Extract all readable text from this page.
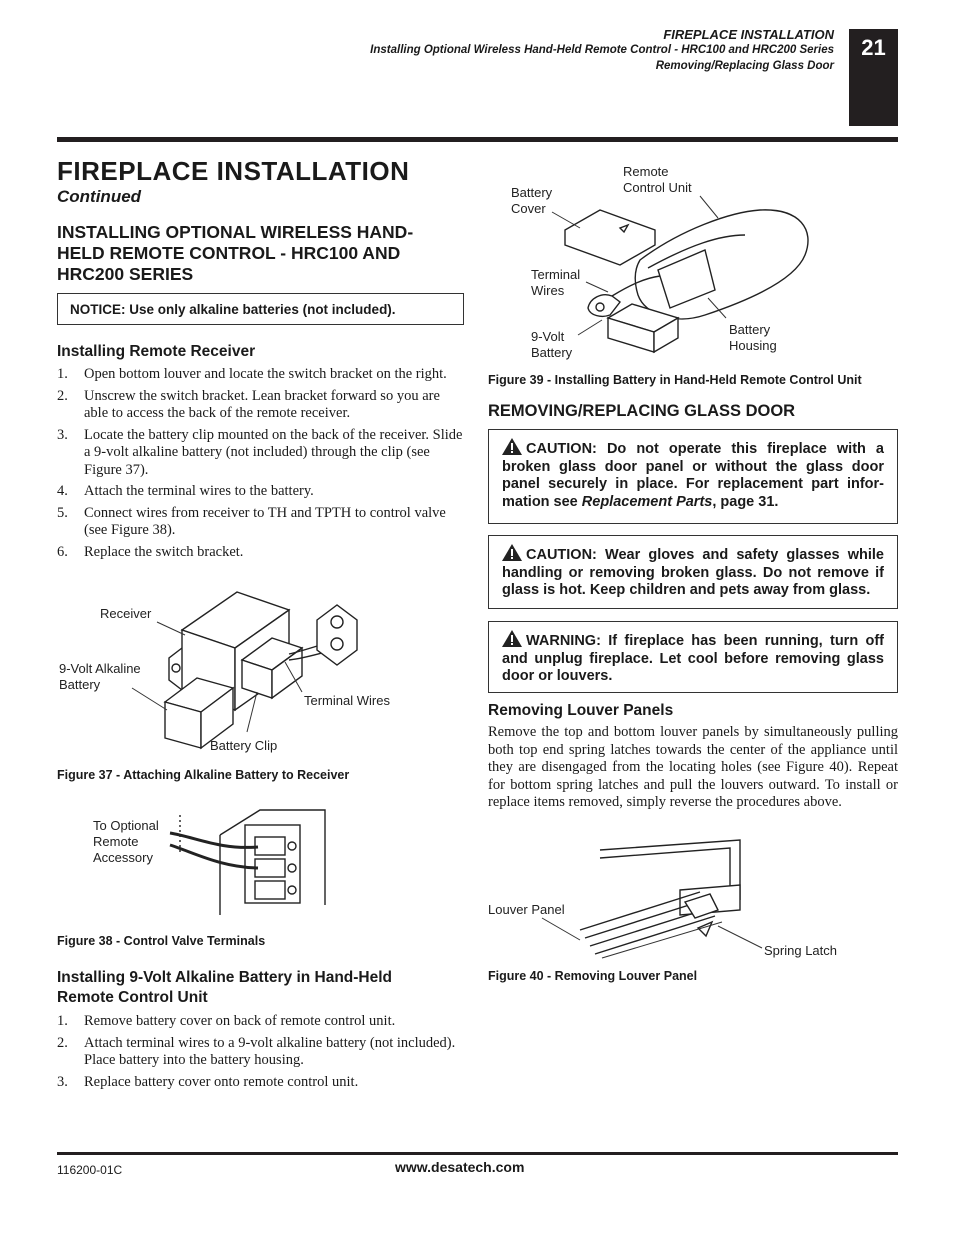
FIREPLACE INSTALLATION
Installing Optional Wireless Hand-Held Remote Control - HRC100 and HRC200 Series
Removing/Replacing Glass Door
21
FIREPLACE INSTALLATION
Continued
INSTALLING OPTIONAL WIRELESS HAND-
HELD REMOTE CONTROL - HRC100 AND
HRC200 SERIES
NOTICE: Use only alkaline batteries (not included).
Installing Remote Receiver
1.	Open bottom louver and locate the switch bracket on the right.
2.	Unscrew the switch bracket. Lean bracket forward so you are able to access the back of the remote receiver.
3.	Locate the battery clip mounted on the back of the receiver. Slide a 9-volt alkaline battery (not included) through the clip (see Figure 37).
4.	Attach the terminal wires to the battery.
5.	Connect wires from receiver to TH and TPTH to control valve (see Figure 38).
6.	Replace the switch bracket.
Receiver
9-Volt Alkaline
Battery
Terminal Wires
Battery Clip
Figure 37 - Attaching Alkaline Battery to Receiver
To Optional
Remote
Accessory
Figure 38 - Control Valve Terminals
Installing 9-Volt Alkaline Battery in Hand-Held
Remote Control Unit
1.	Remove battery cover on back of remote control unit.
2.	Attach terminal wires to a 9-volt alkaline battery (not included). Place battery into the battery housing.
3.	Replace battery cover onto remote control unit.
Battery
Cover
Remote
Control Unit
Terminal
Wires
9-Volt
Battery
Battery
Housing
Figure 39 - Installing Battery in Hand-Held Remote Control Unit
REMOVING/REPLACING GLASS DOOR
CAUTION: Do not operate this fireplace with a broken glass door panel or without the glass door panel securely in place. For replacement part infor-mation see Replacement Parts, page 31.
CAUTION: Wear gloves and safety glasses while handling or removing broken glass. Do not remove if glass is hot. Keep children and pets away from glass.
WARNING: If fireplace has been running, turn off and unplug fireplace. Let cool before removing glass door or louvers.
Removing Louver Panels
Remove the top and bottom louver panels by simultaneously pulling both top end spring latches towards the center of the appliance until they are disengaged from the locating holes (see Figure 40). Repeat for bottom spring latches and pull the louvers outward. To install or replace items removed, simply reverse the procedures above.
Louver Panel
Spring Latch
Figure 40 - Removing Louver Panel
116200-01C	www.desatech.com
